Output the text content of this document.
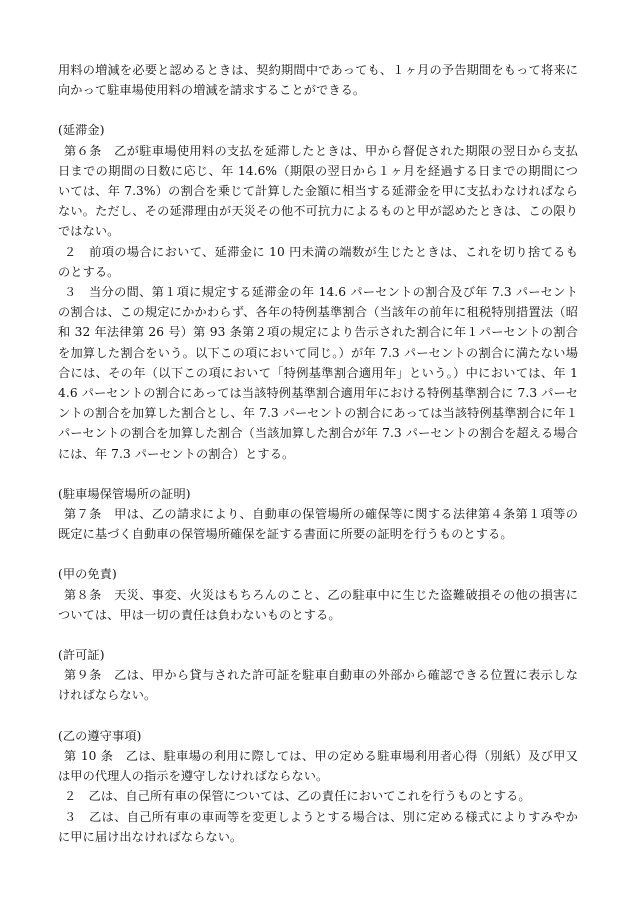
用料の増減を必要と認めるときは、契約期間中であっても、１ヶ月の予告期間をもって将来に向かって駐車場使用料の増減を請求することができる。

(延滞金)

第６条　乙が駐車場使用料の支払を延滞したときは、甲から督促された期限の翌日から支払日までの期間の日数に応じ、年 14.6%（期限の翌日から１ヶ月を経過する日までの期間については、年 7.3%）の割合を乗じて計算した金額に相当する延滞金を甲に支払わなければならない。ただし、その延滞理由が天災その他不可抗力によるものと甲が認めたときは、この限りではない。

２　前項の場合において、延滞金に 10 円未満の端数が生じたときは、これを切り捨てるものとする。

３　当分の間、第１項に規定する延滞金の年 14.6 パーセントの割合及び年 7.3 パーセントの割合は、この規定にかかわらず、各年の特例基準割合（当該年の前年に租税特別措置法（昭和 32 年法律第 26 号）第 93 条第２項の規定により告示された割合に年１パーセントの割合を加算した割合をいう。以下この項において同じ。）が年 7.3 パーセントの割合に満たない場合には、その年（以下この項において「特例基準割合適用年」という。）中においては、年 14.6 パーセントの割合にあっては当該特例基準割合適用年における特例基準割合に 7.3 パーセントの割合を加算した割合とし、年 7.3 パーセントの割合にあっては当該特例基準割合に年１パーセントの割合を加算した割合（当該加算した割合が年 7.3 パーセントの割合を超える場合には、年 7.3 パーセントの割合）とする。

(駐車場保管場所の証明)

第７条　甲は、乙の請求により、自動車の保管場所の確保等に関する法律第４条第１項等の既定に基づく自動車の保管場所確保を証する書面に所要の証明を行うものとする。

(甲の免責)

第８条　天災、事変、火災はもちろんのこと、乙の駐車中に生じた盗難破損その他の損害については、甲は一切の責任は負わないものとする。

(許可証)

第９条　乙は、甲から貸与された許可証を駐車自動車の外部から確認できる位置に表示しなければならない。

(乙の遵守事項)

第 10 条　乙は、駐車場の利用に際しては、甲の定める駐車場利用者心得（別紙）及び甲又は甲の代理人の指示を遵守しなければならない。

２　乙は、自己所有車の保管については、乙の責任においてこれを行うものとする。

３　乙は、自己所有車の車両等を変更しようとする場合は、別に定める様式によりすみやかに甲に届け出なければならない。
